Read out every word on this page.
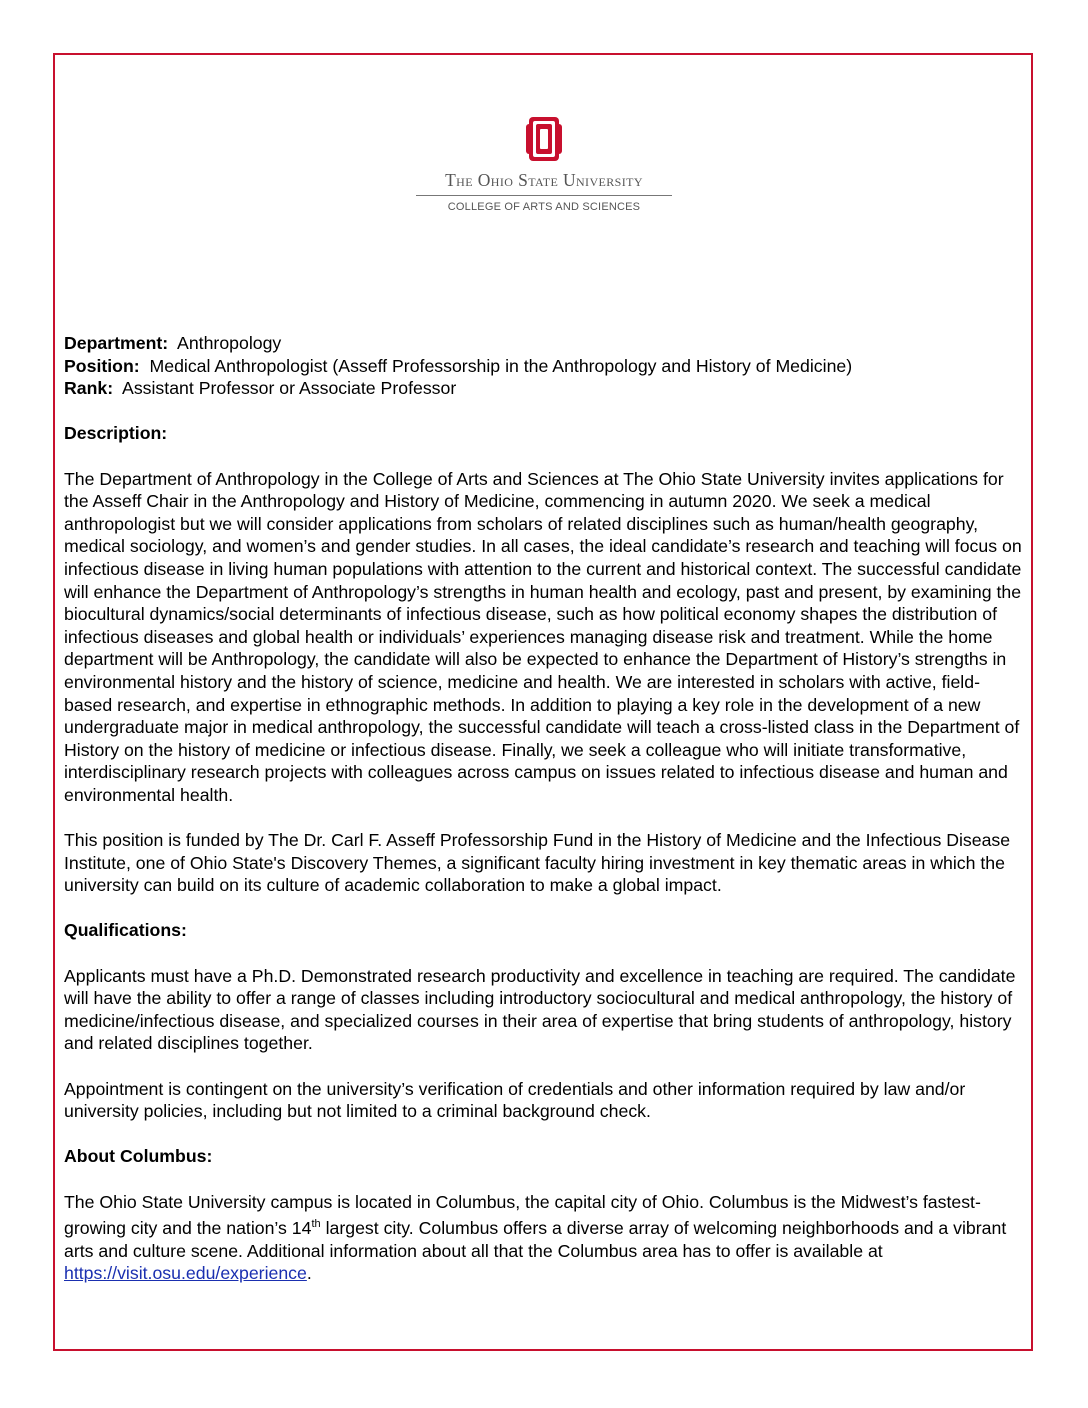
The Ohio State University
COLLEGE OF ARTS AND SCIENCES

Department: Anthropology

Position: Medical Anthropologist (Asseff Professorship in the Anthropology and History of Medicine)

Rank: Assistant Professor or Associate Professor

Description:

The Department of Anthropology in the College of Arts and Sciences at The Ohio State University invites applications for the Asseff Chair in the Anthropology and History of Medicine, commencing in autumn 2020. We seek a medical anthropologist but we will consider applications from scholars of related disciplines such as human/health geography, medical sociology, and women’s and gender studies. In all cases, the ideal candidate’s research and teaching will focus on infectious disease in living human populations with attention to the current and historical context. The successful candidate will enhance the Department of Anthropology’s strengths in human health and ecology, past and present, by examining the biocultural dynamics/social determinants of infectious disease, such as how political economy shapes the distribution of infectious diseases and global health or individuals’ experiences managing disease risk and treatment. While the home department will be Anthropology, the candidate will also be expected to enhance the Department of History’s strengths in environmental history and the history of science, medicine and health. We are interested in scholars with active, field-based research, and expertise in ethnographic methods. In addition to playing a key role in the development of a new undergraduate major in medical anthropology, the successful candidate will teach a cross-listed class in the Department of History on the history of medicine or infectious disease. Finally, we seek a colleague who will initiate transformative, interdisciplinary research projects with colleagues across campus on issues related to infectious disease and human and environmental health.

This position is funded by The Dr. Carl F. Asseff Professorship Fund in the History of Medicine and the Infectious Disease Institute, one of Ohio State's Discovery Themes, a significant faculty hiring investment in key thematic areas in which the university can build on its culture of academic collaboration to make a global impact.

Qualifications:

Applicants must have a Ph.D. Demonstrated research productivity and excellence in teaching are required. The candidate will have the ability to offer a range of classes including introductory sociocultural and medical anthropology, the history of medicine/infectious disease, and specialized courses in their area of expertise that bring students of anthropology, history and related disciplines together.

Appointment is contingent on the university’s verification of credentials and other information required by law and/or university policies, including but not limited to a criminal background check.

About Columbus:

The Ohio State University campus is located in Columbus, the capital city of Ohio. Columbus is the Midwest’s fastest-growing city and the nation’s 14th largest city. Columbus offers a diverse array of welcoming neighborhoods and a vibrant arts and culture scene. Additional information about all that the Columbus area has to offer is available at https://visit.osu.edu/experience.
